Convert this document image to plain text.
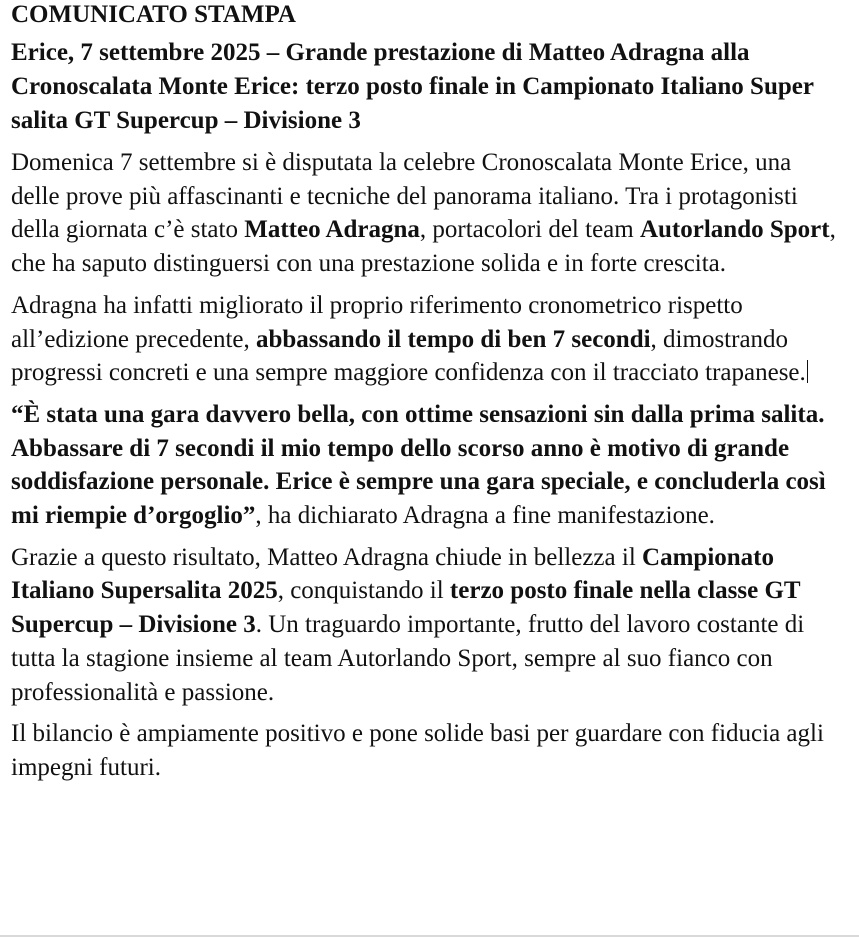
COMUNICATO STAMPA
Erice, 7 settembre 2025 – Grande prestazione di Matteo Adragna alla Cronoscalata Monte Erice: terzo posto finale in Campionato Italiano Super salita GT Supercup – Divisione 3

Domenica 7 settembre si è disputata la celebre Cronoscalata Monte Erice, una delle prove più affascinanti e tecniche del panorama italiano. Tra i protagonisti della giornata c’è stato Matteo Adragna, portacolori del team Autorlando Sport, che ha saputo distinguersi con una prestazione solida e in forte crescita.

Adragna ha infatti migliorato il proprio riferimento cronometrico rispetto all’edizione precedente, abbassando il tempo di ben 7 secondi, dimostrando progressi concreti e una sempre maggiore confidenza con il tracciato trapanese.

“È stata una gara davvero bella, con ottime sensazioni sin dalla prima salita. Abbassare di 7 secondi il mio tempo dello scorso anno è motivo di grande soddisfazione personale. Erice è sempre una gara speciale, e concluderla così mi riempie d’orgoglio”, ha dichiarato Adragna a fine manifestazione.

Grazie a questo risultato, Matteo Adragna chiude in bellezza il Campionato Italiano Supersalita 2025, conquistando il terzo posto finale nella classe GT Supercup – Divisione 3. Un traguardo importante, frutto del lavoro costante di tutta la stagione insieme al team Autorlando Sport, sempre al suo fianco con professionalità e passione.

Il bilancio è ampiamente positivo e pone solide basi per guardare con fiducia agli impegni futuri.
